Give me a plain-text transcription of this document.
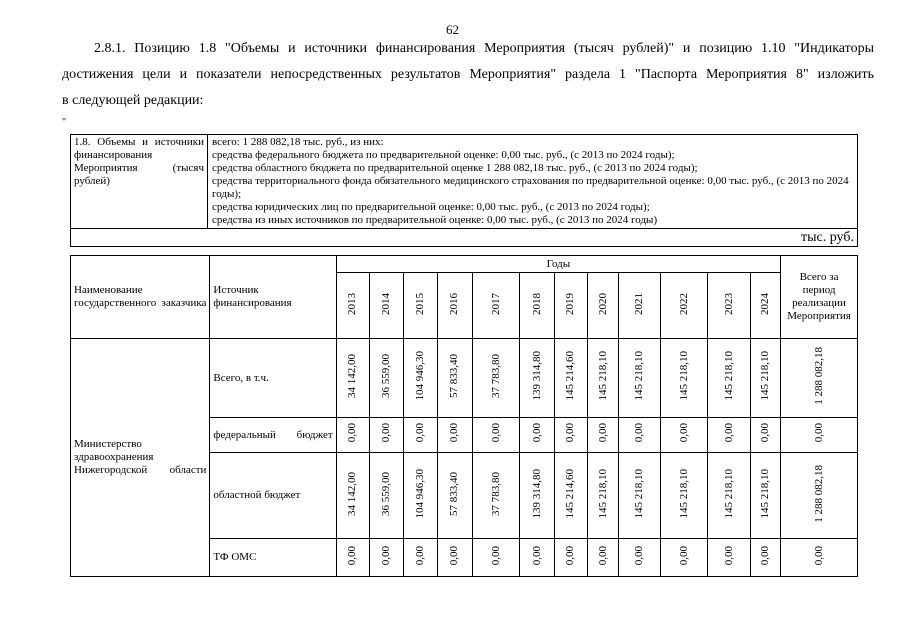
62
2.8.1. Позицию 1.8 "Объемы и источники финансирования Мероприятия (тысяч рублей)" и позицию 1.10 "Индикаторы
достижения цели и показатели непосредственных результатов Мероприятия" раздела 1 "Паспорта Мероприятия 8" изложить
в следующей редакции:
"
1.8. Объемы и источники финансирования Мероприятия (тысяч рублей)	
всего: 1 288 082,18 тыс. руб., из них:
средства федерального бюджета по предварительной оценке: 0,00 тыс. руб., (с 2013 по 2024 годы);
средства областного бюджета по предварительной оценке 1 288 082,18 тыс. руб., (с 2013 по 2024 годы);
средства территориального фонда обязательного медицинского страхования по предварительной оценке: 0,00 тыс. руб., (с 2013 по 2024 годы);
средства юридических лиц по предварительной оценке: 0,00 тыс. руб., (с 2013 по 2024 годы);
средства из иных источников по предварительной оценке: 0,00 тыс. руб., (с 2013 по 2024 годы)

тыс. руб.
Наименование государственного заказчика	Источник финансирования	Годы												Всего за период реализации Мероприятия
		2013	2014	2015	2016	2017	2018	2019	2020	2021	2022	2023	2024	
Министерство здравоохранения Нижегородской области	Всего, в т.ч.	34 142,00	36 559,00	104 946,30	57 833,40	37 783,80	139 314,80	145 214,60	145 218,10	145 218,10	145 218,10	145 218,10	145 218,10	1 288 082,18
	федеральный бюджет	0,00	0,00	0,00	0,00	0,00	0,00	0,00	0,00	0,00	0,00	0,00	0,00	0,00
	областной бюджет	34 142,00	36 559,00	104 946,30	57 833,40	37 783,80	139 314,80	145 214,60	145 218,10	145 218,10	145 218,10	145 218,10	145 218,10	1 288 082,18
	ТФ ОМС	0,00	0,00	0,00	0,00	0,00	0,00	0,00	0,00	0,00	0,00	0,00	0,00	0,00
